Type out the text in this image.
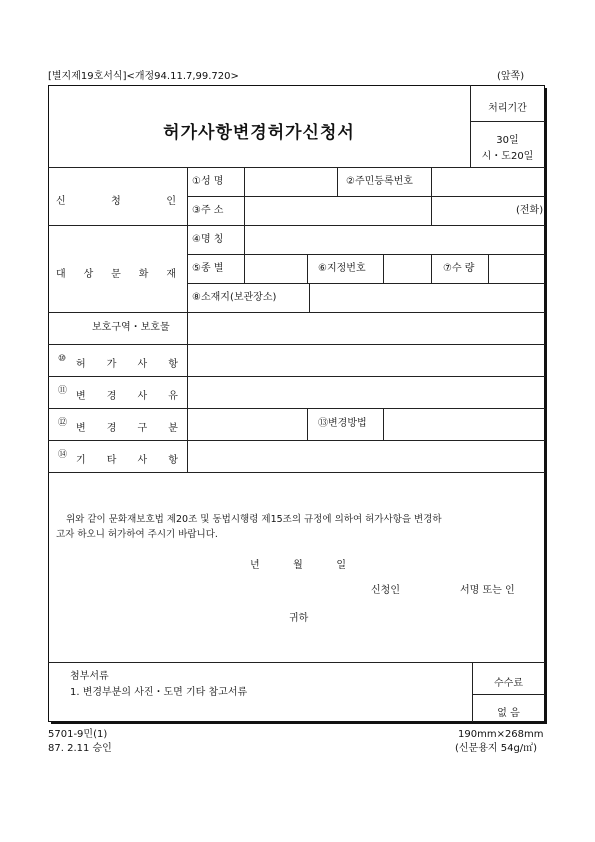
[별지제19호서식]<개정94.11.7,99.720>	(앞쪽)
허가사항변경허가신청서
처리기간
30일
시・도20일
신	청	인
①성 명	②주민등록번호
③주 소	(전화)
대 상 문 화 재
④명 칭
⑤종 별	⑥지정번호	⑦수 량
⑧소재지(보관장소)
보호구역・보호물
⑩ 허 가 사 항
⑪ 변 경 사 유
⑫ 변 경 구 분	⑬변경방법
⑭ 기 타 사 항
위와 같이 문화재보호법 제20조 및 동법시행령 제15조의 규정에 의하여 허가사항을 변경하
고자 하오니 허가하여 주시기 바랍니다.
년	월	일
신청인	서명 또는 인
귀하
첨부서류
1. 변경부분의 사진・도면 기타 참고서류
수수료
없 음
5701-9민(1)
87. 2.11 승인
190mm×268mm
(신문용지 54g/㎡)
